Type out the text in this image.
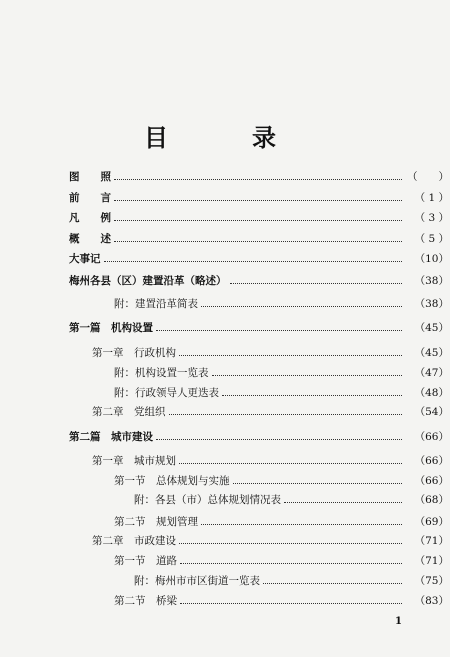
目　录
图　　照	（　　）
前　　言	（ 1 ）
凡　　例	（ 3 ）
概　　述	（ 5 ）
大事记	（10）
梅州各县（区）建置沿革（略述）	（38）
附：建置沿革简表	（38）
第一篇　机构设置	（45）
第一章　行政机构	（45）
附：机构设置一览表	（47）
附：行政领导人更迭表	（48）
第二章　党组织	（54）
第二篇　城市建设	（66）
第一章　城市规划	（66）
第一节　总体规划与实施	（66）
附：各县（市）总体规划情况表	（68）
第二节　规划管理	（69）
第二章　市政建设	（71）
第一节　道路	（71）
附：梅州市市区街道一览表	（75）
第二节　桥梁	（83）
1
